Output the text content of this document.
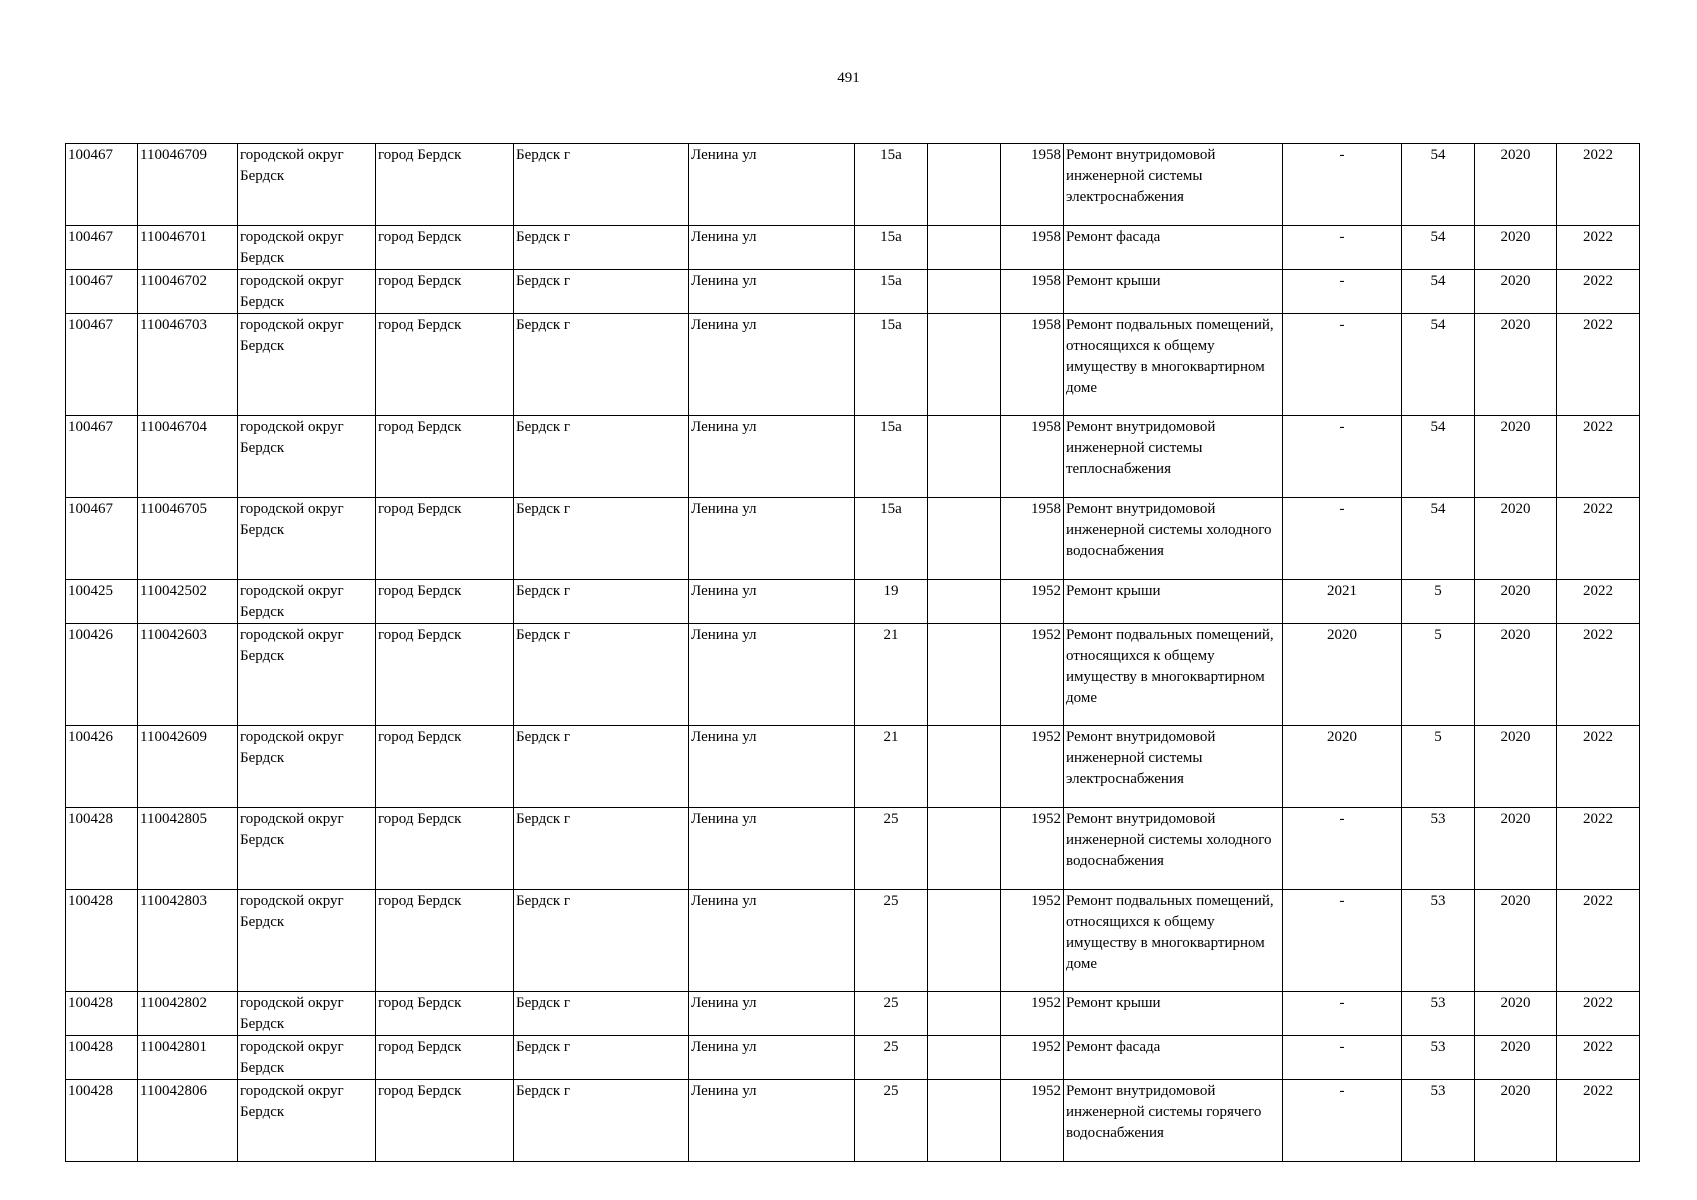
491
100467	110046709	городской округ Бердск	город Бердск	Бердск г	Ленина ул	15а		1958	Ремонт внутридомовой инженерной системы электроснабжения	-	54	2020	2022
100467	110046701	городской округ Бердск	город Бердск	Бердск г	Ленина ул	15а		1958	Ремонт фасада	-	54	2020	2022
100467	110046702	городской округ Бердск	город Бердск	Бердск г	Ленина ул	15а		1958	Ремонт крыши	-	54	2020	2022
100467	110046703	городской округ Бердск	город Бердск	Бердск г	Ленина ул	15а		1958	Ремонт подвальных помещений, относящихся к общему имуществу в многоквартирном доме	-	54	2020	2022
100467	110046704	городской округ Бердск	город Бердск	Бердск г	Ленина ул	15а		1958	Ремонт внутридомовой инженерной системы теплоснабжения	-	54	2020	2022
100467	110046705	городской округ Бердск	город Бердск	Бердск г	Ленина ул	15а		1958	Ремонт внутридомовой инженерной системы холодного водоснабжения	-	54	2020	2022
100425	110042502	городской округ Бердск	город Бердск	Бердск г	Ленина ул	19		1952	Ремонт крыши	2021	5	2020	2022
100426	110042603	городской округ Бердск	город Бердск	Бердск г	Ленина ул	21		1952	Ремонт подвальных помещений, относящихся к общему имуществу в многоквартирном доме	2020	5	2020	2022
100426	110042609	городской округ Бердск	город Бердск	Бердск г	Ленина ул	21		1952	Ремонт внутридомовой инженерной системы электроснабжения	2020	5	2020	2022
100428	110042805	городской округ Бердск	город Бердск	Бердск г	Ленина ул	25		1952	Ремонт внутридомовой инженерной системы холодного водоснабжения	-	53	2020	2022
100428	110042803	городской округ Бердск	город Бердск	Бердск г	Ленина ул	25		1952	Ремонт подвальных помещений, относящихся к общему имуществу в многоквартирном доме	-	53	2020	2022
100428	110042802	городской округ Бердск	город Бердск	Бердск г	Ленина ул	25		1952	Ремонт крыши	-	53	2020	2022
100428	110042801	городской округ Бердск	город Бердск	Бердск г	Ленина ул	25		1952	Ремонт фасада	-	53	2020	2022
100428	110042806	городской округ Бердск	город Бердск	Бердск г	Ленина ул	25		1952	Ремонт внутридомовой инженерной системы горячего водоснабжения	-	53	2020	2022
